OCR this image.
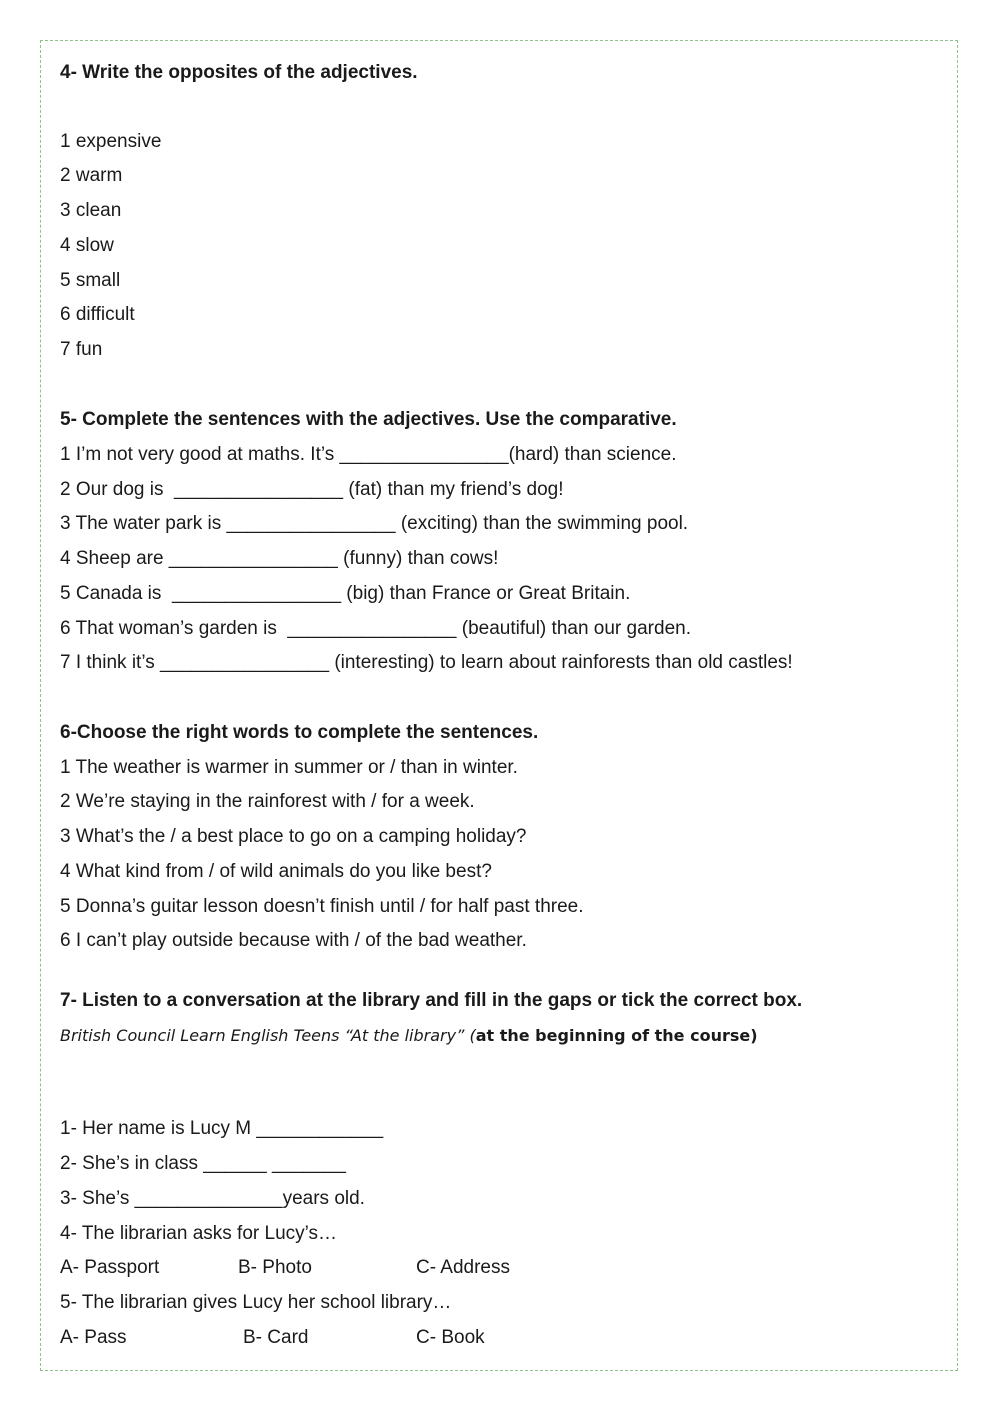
4- Write the opposites of the adjectives.
1 expensive
2 warm
3 clean
4 slow
5 small
6 difficult
7 fun
5- Complete the sentences with the adjectives. Use the comparative.
1 I’m not very good at maths. It’s ________________(hard) than science.
2 Our dog is  ________________ (fat) than my friend’s dog!
3 The water park is ________________ (exciting) than the swimming pool.
4 Sheep are ________________ (funny) than cows!
5 Canada is  ________________ (big) than France or Great Britain.
6 That woman’s garden is  ________________ (beautiful) than our garden.
7 I think it’s ________________ (interesting) to learn about rainforests than old castles!
6-Choose the right words to complete the sentences.
1 The weather is warmer in summer or / than in winter.
2 We’re staying in the rainforest with / for a week.
3 What’s the / a best place to go on a camping holiday?
4 What kind from / of wild animals do you like best?
5 Donna’s guitar lesson doesn’t finish until / for half past three.
6 I can’t play outside because with / of the bad weather.
7- Listen to a conversation at the library and fill in the gaps or tick the correct box.
British Council Learn English Teens “At the library” (at the beginning of the course)
1- Her name is Lucy M ____________
2- She’s in class ______ _______
3- She’s ______________years old.
4- The librarian asks for Lucy’s…
A- Passport	B- Photo	C- Address
5- The librarian gives Lucy her school library…
A- Pass	B- Card	C- Book
